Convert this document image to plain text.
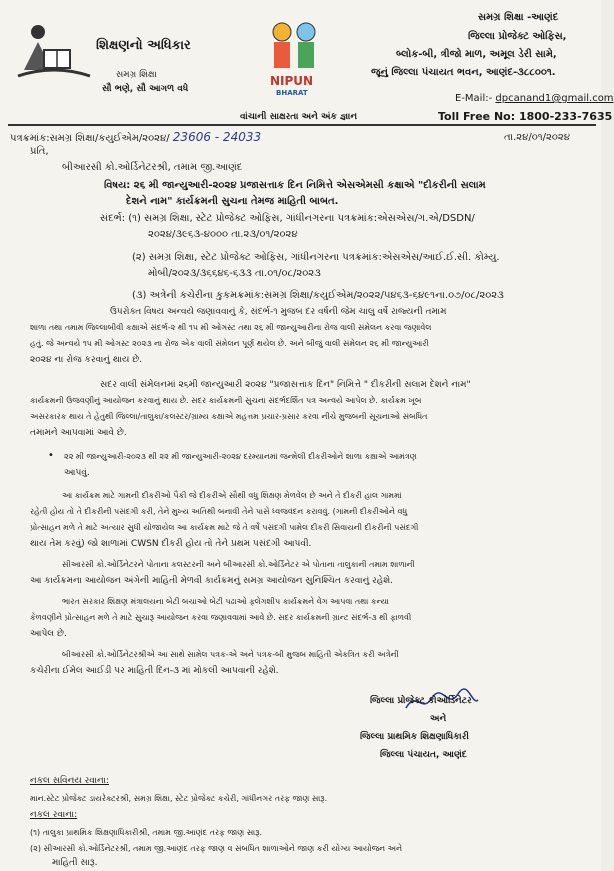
શિક્ષણનો અધિકાર
સમગ્ર શિક્ષા
સૌ ભણે, સૌ આગળ વધે
NIPUN
BHARAT
વાંચાની સાક્ષરતા અને અંક જ્ઞાન
સમગ્ર શિક્ષા -આણંદ
જિલ્લા પ્રોજેક્ટ ઓફિસ,
બ્લોક-બી, ત્રીજો માળ, અમૂલ ડેરી સામે,
જૂનું જિલ્લા પંચાયત ભવન, આણંદ-૩૮૮૦૦૧.
E-Mail:- dpcanand1@gmail.com
Toll Free No: 1800-233-7635
પત્રક્રમાંક:સમગ્ર શિક્ષા/કયુઈએમ/૨૦૨૪/ 23606 - 24033	તા.૨૪/૦૧/૨૦૨૪
પ્રતિ,
બીઆરસી કો.ઓર્ડિનેટરશ્રી, તમામ જી.આણંદ
વિષય: ૨૬ મી જાન્યુઆરી-૨૦૨૪ પ્રજાસત્તાક દિન નિમિત્તે એસએમસી કક્ષાએ "દીકરીની સલામ
દેશને નામ" કાર્યક્રમની સુચના તેમજ માહિતી બાબત.
સંદર્ભ: (૧) સમગ્ર શિક્ષા, સ્ટેટ પ્રોજેક્ટ ઓફિસ, ગાંધીનગરના પત્રક્રમાંક:એસએસ/ગ.એ/DSDN/
૨૦૨૪/૩૯૬૩-૪૦૦૦ તા.૨૩/૦૧/૨૦૨૪
(૨) સમગ્ર શિક્ષા, સ્ટેટ પ્રોજેક્ટ ઓફિસ, ગાંધીનગરના પત્રક્રમાંક:એસએસ/આઈ.ઈ.સી. કોમ્યુ.
મોબી/૨૦૨૩/૩૬૬૪૬-૬૩૩ તા.૦૧/૦૮/૨૦૨૩
(૩) અત્રેની કચેરીના કુકમક્રમાંક:સમગ્ર શિક્ષા/કયુઈએમ/૨૦૨૨/૫૪૬૩-૬૪૯૧ના.૦૭/૦૮/૨૦૨૩
ઉપરોક્ત વિષય અન્વયે જણાવવાનું કે, સંદર્ભ-૧ મુજબ દર વર્ષની જેમ ચાલુ વર્ષે રાજ્યની તમામ
શાળા તથા તમામ જિલ્લાબીવી કક્ષાએ સંદર્ભ-૨ થી ૧૫ મી ઓગસ્ટ તથા ૨૬ મી જાન્યુઆરીના રોજ વાલી સંમેલન કરવા જણાવેલ
હતું. જે અન્વયે ૧૫ મી ઓગસ્ટ ૨૦૨૩ ના રોજ એક વાલી સંમેલન પૂર્ણ થયેલ છે. અને બીજું વાલી સંમેલન ૨૬ મી જાન્યુઆરી
૨૦૨૪ ના રોજ કરવાનું થાય છે.
સદર વાલી સંમેલનમાં ૨૬મી જાન્યુઆરી ૨૦૨૪ "પ્રજાસત્તાક દિન" નિમિત્તે " દીકરીની સલામ દેશને નામ"
કાર્યક્રમની ઉજવણીનું આયોજન કરવાનું થાય છે. સદર કાર્યક્રમની સુચના સંદર્ભદર્શિત પત્ર અન્વયે આપેલ છે. કાર્યક્રમ ખૂબ
અસરકારક થાય તે હેતુથી જિલ્લા/તાલુકા/કલસ્ટર/ગ્રામ્ય કક્ષાએ મહત્તમ પ્રચાર-પ્રસાર કરવા નીચે મુજબની સૂચનાઓ સંબધિત
તમામને આપવામાં આવે છે.
• ૨૨ મી જાન્યુઆરી-૨૦૨૩ થી ૨૨ મી જાન્યુઆરી-૨૦૨૪ દરમ્યાનમાં જન્મેલી દીકરીઓને શાળા કક્ષાએ આમંત્રણ
આપવું.
આ કાર્યક્રમ માટે ગામની દીકરીઓ પૈકી જે દીકરીએ સૌથી વધુ શિક્ષણ મેળવેલ છે અને તે દીકરી હાલ ગામમાં
રહેતી હોય તો તે દીકરીની પસંદગી કરી, તેને મુખ્ય અતિથી બનાવી તેને પાસે ધ્વજવંદન કરાવવું. (ગામની દીકરીઓને વધુ
પ્રોત્સાહન મળે તે માટે અત્યાર સુધી યોજાયેલ આ કાર્યક્રમ માટે જે તે વર્ષે પસંદગી પામેલ દીકરી સિવાયની દીકરીની પસંદગી
થાય તેમ કરવું) જો શાળામાં CWSN દીકરી હોય તો તેને પ્રથમ પસંદગી આપવી.
સીઆરસી કો.ઓર્ડિનેટરને પોતાના કલસ્ટરની અને બીઆરસી કો.ઓર્ડિનેટર એ પોતાના તાલુકાની તમામ શાળાની
આ કાર્યક્રમના આયોજન અંગેની માહિતી મેળવી કાર્યક્રમનું સમગ્ર આયોજન સુનિશ્ચિત કરવાનું રહેશે.
ભારત સરકાર શિક્ષણ મંત્રાલયના બેટી બચાઓ બેટી પઢાઓ ફ્લેગશીપ કાર્યક્રમને વેગ આપવા તથા કન્યા
કેળવણીને પ્રોત્સાહન મળે તે માટે સુચારૂ આયોજન કરવા જણાવવામાં આવે છે. સદર કાર્યક્રમની ગ્રાન્ટ સંદર્ભ-૩ થી ફાળવી
આપેલ છે.
બીઆરસી કો.ઓર્ડિનેટરશ્રીએ આ સાથે સામેલ પત્રક-એ અને પત્રક-બી મુજબ માહિતી એકત્રિત કરી અત્રેની
કચેરીના ઈમેલ આઈડી પર માહિતી દિન-૩ માં મોકલી આપવાની રહેશે.
જિલ્લા પ્રોજેક્ટ કોઓર્ડિનેટર
અને
જિલ્લા પ્રાથમિક શિક્ષણાધિકારી
જિલ્લા પંચાયત, આણંદ
નકલ સવિનય રવાના:
માન.સ્ટેટ પ્રોજેક્ટ ડાયરેક્ટરશ્રી, સમગ્ર શિક્ષા, સ્ટેટ પ્રોજેક્ટ કચેરી, ગાંધીનગર તરફ જાણ સારૂ.
નકલ રવાના:
(૧) તાલુકા પ્રાથમિક શિક્ષણાધિકારીશ્રી, તમામ જી.આણંદ તરફ જાણ સારૂ.
(૨) સીઆરસી કો.ઓર્ડિનેટરશ્રી, તમામ જી.આણંદ તરફ જાણ વ સંબધિત શાળાઓને જાણ કરી યોગ્ય આયોજન અને
માહિતી સારૂ.
